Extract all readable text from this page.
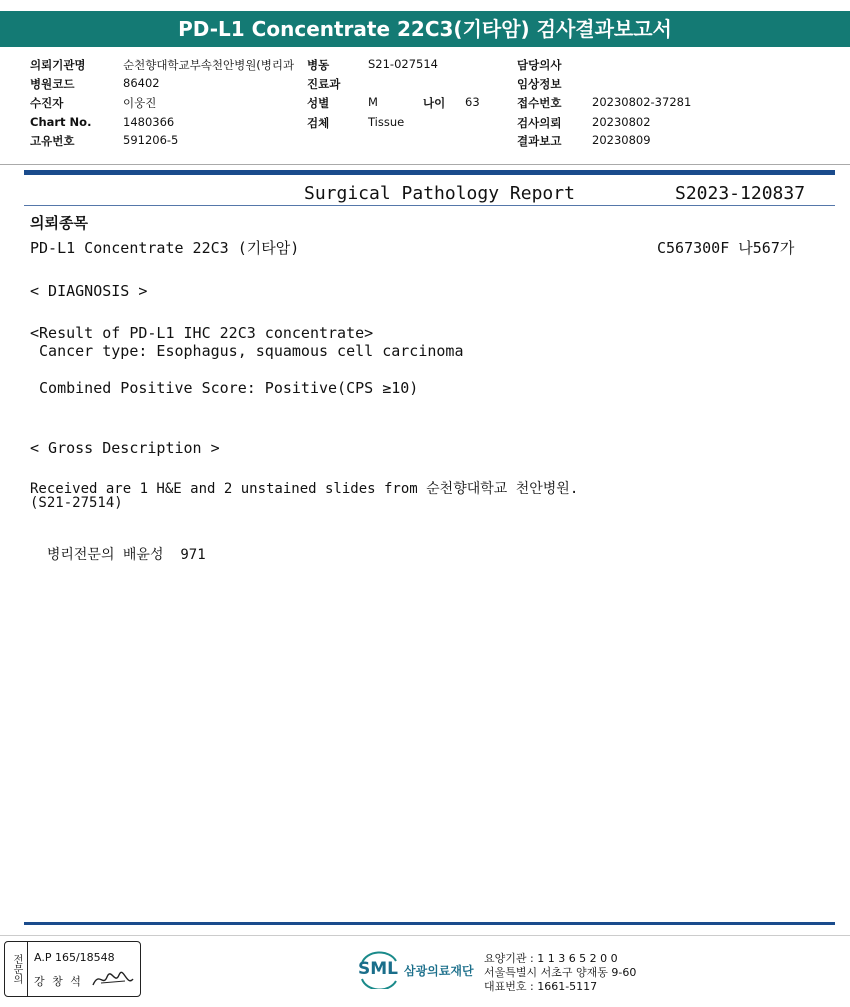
PD-L1 Concentrate 22C3(기타암) 검사결과보고서
의뢰기관명	순천향대학교부속천안병원(병리과
병원코드	86402
수진자	이웅진
Chart No.	1480366
고유번호	591206-5
병동	S21-027514
진료과
성별	M
검체	Tissue
나이 63
담당의사
임상정보
접수번호	20230802-37281
검사의뢰	20230802
결과보고	20230809
Surgical Pathology Report	S2023-120837
의뢰종목
PD-L1 Concentrate 22C3 (기타암)	C567300F 나567가
< DIAGNOSIS >
<Result of PD-L1 IHC 22C3 concentrate>
Cancer type: Esophagus, squamous cell carcinoma
Combined Positive Score: Positive(CPS ≥10)
< Gross Description >
Received are 1 H&E and 2 unstained slides from 순천향대학교 천안병원.
(S21-27514)
병리전문의 배윤성  971
전문의 A.P 165/18548
강 창 석
SML 삼광의료재단
요양기관 : 1 1 3 6 5 2 0 0
서울특별시 서초구 양재동 9-60
대표번호 : 1661-5117
